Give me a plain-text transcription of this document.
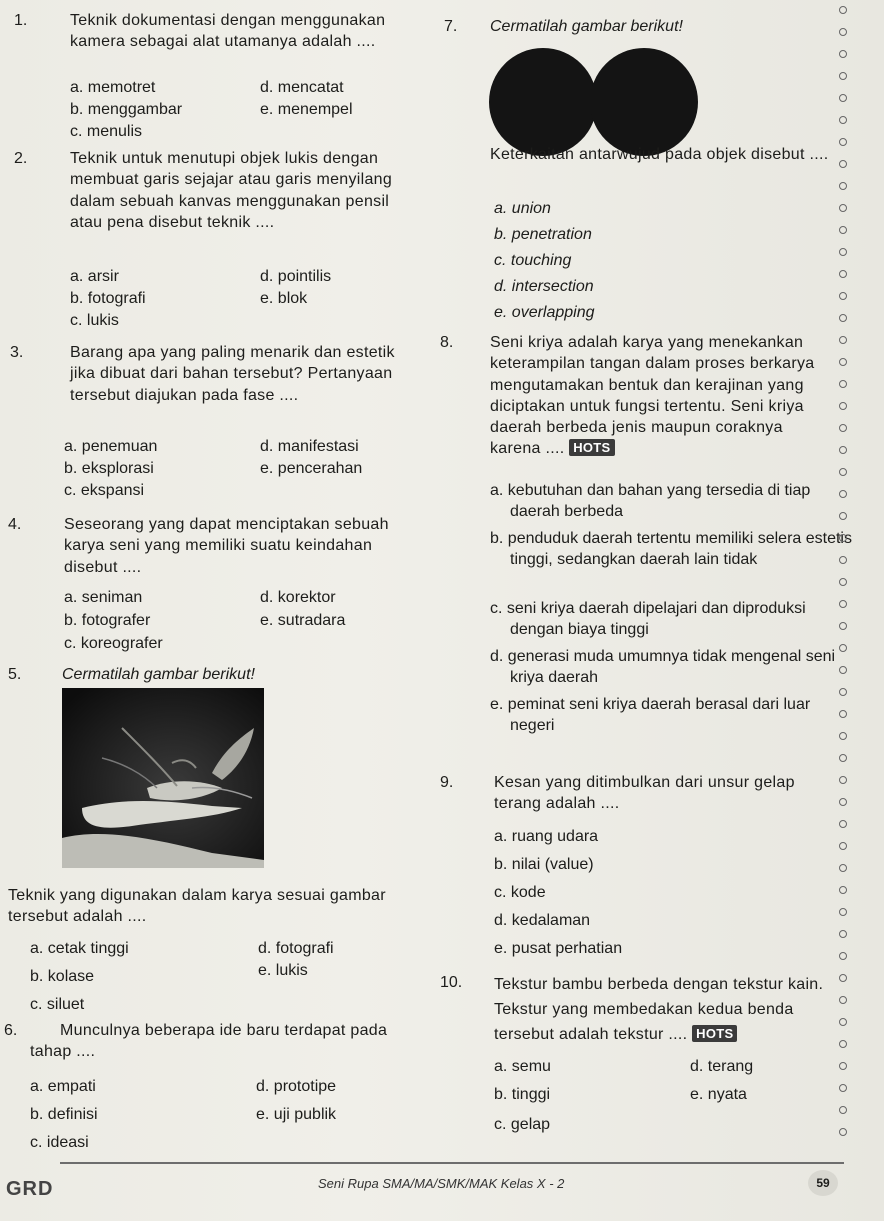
1.	Teknik dokumentasi dengan menggunakan kamera sebagai alat utamanya adalah ....
a. memotret	d. mencatat
b. menggambar	e. menempel
c. menulis
2.	Teknik untuk menutupi objek lukis dengan membuat garis sejajar atau garis menyilang dalam sebuah kanvas menggunakan pensil atau pena disebut teknik ....
a. arsir	d. pointilis
b. fotografi	e. blok
c. lukis
3.	Barang apa yang paling menarik dan estetik jika dibuat dari bahan tersebut? Pertanyaan tersebut diajukan pada fase ....
a. penemuan	d. manifestasi
b. eksplorasi	e. pencerahan
c. ekspansi
4.	Seseorang yang dapat menciptakan sebuah karya seni yang memiliki suatu keindahan disebut ....
a. seniman	d. korektor
b. fotografer	e. sutradara
c. koreografer
5.	Cermatilah gambar berikut!
Teknik yang digunakan dalam karya sesuai gambar tersebut adalah ....
a. cetak tinggi	d. fotografi
b. kolase	e. lukis
c. siluet
6.	Munculnya beberapa ide baru terdapat pada tahap ....
a. empati	d. prototipe
b. definisi	e. uji publik
c. ideasi
7. Cermatilah gambar berikut!
Keterkaitan antarwujud pada objek disebut ....
a. union
b. penetration
c. touching
d. intersection
e. overlapping
8. Seni kriya adalah karya yang menekankan keterampilan tangan dalam proses berkarya mengutamakan bentuk dan kerajinan yang diciptakan untuk fungsi tertentu. Seni kriya daerah berbeda jenis maupun coraknya karena .... HOTS
a. kebutuhan dan bahan yang tersedia di tiap daerah berbeda
b. penduduk daerah tertentu memiliki selera estetis tinggi, sedangkan daerah lain tidak
c. seni kriya daerah dipelajari dan diproduksi dengan biaya tinggi
d. generasi muda umumnya tidak mengenal seni kriya daerah
e. peminat seni kriya daerah berasal dari luar negeri
9.	Kesan yang ditimbulkan dari unsur gelap terang adalah ....
a. ruang udara
b. nilai (value)
c. kode
d. kedalaman
e. pusat perhatian
10. Tekstur bambu berbeda dengan tekstur kain. Tekstur yang membedakan kedua benda tersebut adalah tekstur .... HOTS
a. semu	d. terang
b. tinggi	e. nyata
c. gelap
GRD	Seni Rupa SMA/MA/SMK/MAK Kelas X - 2	59
